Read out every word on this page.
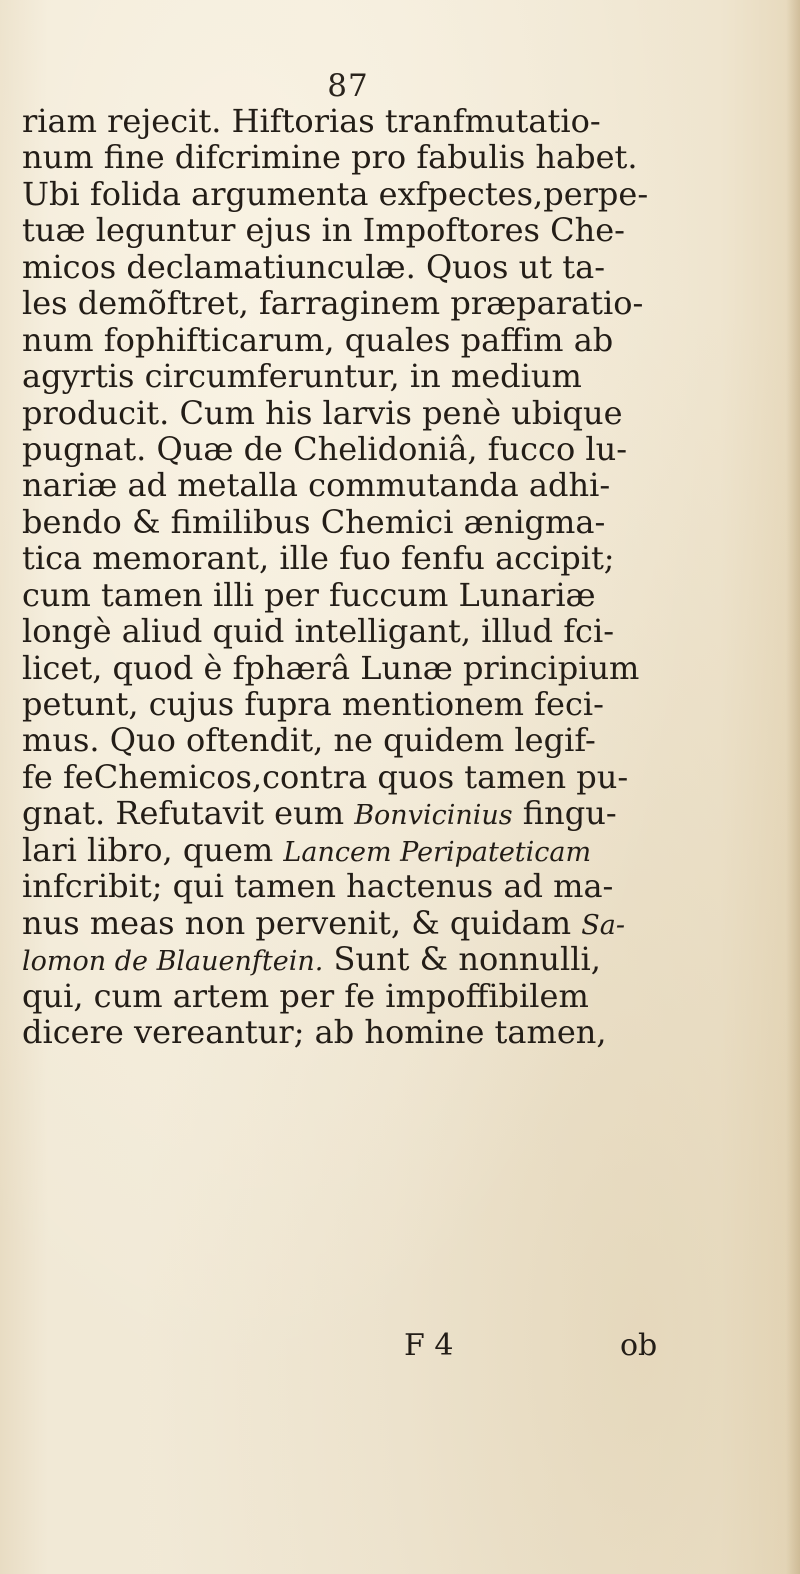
87
riam rejecit. Hiftorias tranfmutatio-
num fine difcrimine pro fabulis habet.
Ubi folida argumenta exfpectes,perpe-
tuæ leguntur ejus in Impoftores Che-
micos declamatiunculæ. Quos ut ta-
les demõftret, farraginem præparatio-
num fophifticarum, quales paffim ab
agyrtis circumferuntur, in medium
producit. Cum his larvis penè ubique
pugnat. Quæ de Chelidoniâ, fucco lu-
nariæ ad metalla commutanda adhi-
bendo & fimilibus Chemici ænigma-
tica memorant, ille fuo fenfu accipit;
cum tamen illi per fuccum Lunariæ
longè aliud quid intelligant, illud fci-
licet, quod è fphærâ Lunæ principium
petunt, cujus fupra mentionem feci-
mus. Quo oftendit, ne quidem legif-
fe feChemicos,contra quos tamen pu-
gnat. Refutavit eum Bonvicinius fingu-
lari libro, quem Lancem Peripateticam
infcribit; qui tamen hactenus ad ma-
nus meas non pervenit, & quidam Sa-
lomon de Blauenftein. Sunt & nonnulli,
qui, cum artem per fe impoffibilem
dicere vereantur; ab homine tamen,
F 4	ob
